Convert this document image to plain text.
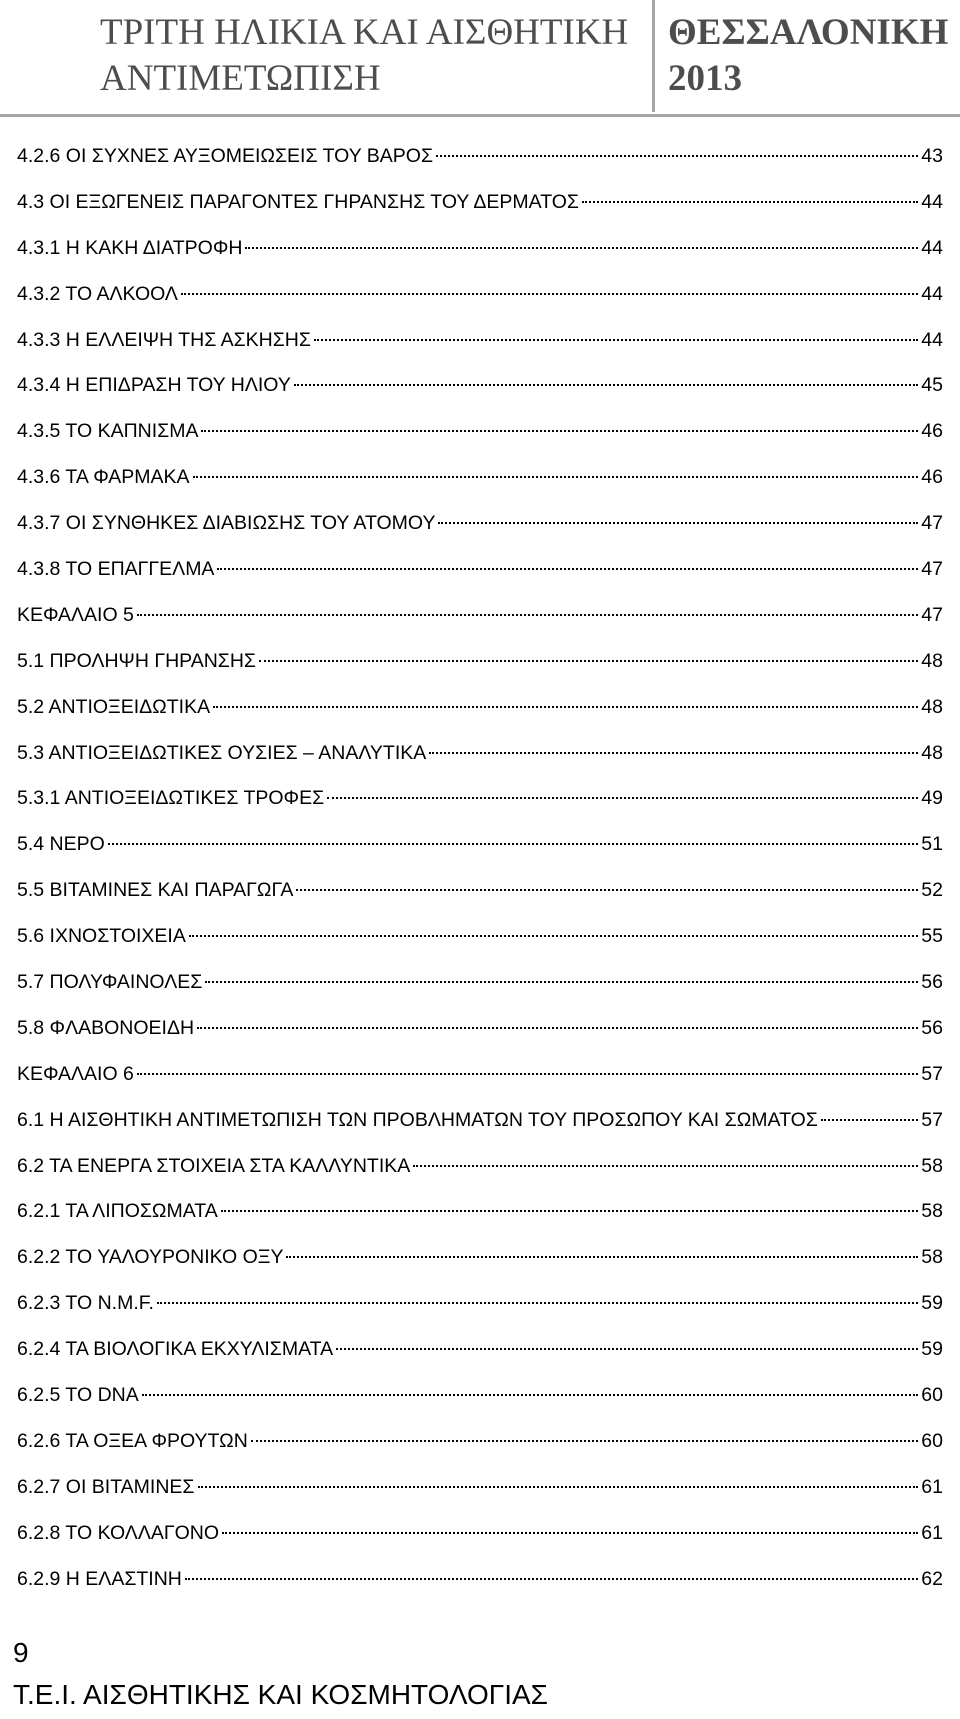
ΤΡΙΤΗ ΗΛΙΚΙΑ ΚΑΙ ΑΙΣΘΗΤΙΚΗ
ΑΝΤΙΜΕΤΩΠΙΣΗ
ΘΕΣΣΑΛΟΝΙΚΗ
2013
4.2.6 ΟΙ ΣΥΧΝΕΣ ΑΥΞΟΜΕΙΩΣΕΙΣ ΤΟΥ ΒΑΡΟΣ	43
4.3 ΟΙ ΕΞΩΓΕΝΕΙΣ ΠΑΡΑΓΟΝΤΕΣ ΓΗΡΑΝΣΗΣ ΤΟΥ ΔΕΡΜΑΤΟΣ	44
4.3.1 Η ΚΑΚΗ ΔΙΑΤΡΟΦΗ	44
4.3.2 ΤΟ ΑΛΚΟΟΛ	44
4.3.3 Η ΕΛΛΕΙΨΗ ΤΗΣ ΑΣΚΗΣΗΣ	44
4.3.4 Η ΕΠΙΔΡΑΣΗ ΤΟΥ ΗΛΙΟΥ	45
4.3.5 ΤΟ ΚΑΠΝΙΣΜΑ	46
4.3.6 ΤΑ ΦΑΡΜΑΚΑ	46
4.3.7 ΟΙ ΣΥΝΘΗΚΕΣ ΔΙΑΒΙΩΣΗΣ ΤΟΥ ΑΤΟΜΟΥ	47
4.3.8 ΤΟ ΕΠΑΓΓΕΛΜΑ	47
ΚΕΦΑΛΑΙΟ 5	47
5.1 ΠΡΟΛΗΨΗ ΓΗΡΑΝΣΗΣ	48
5.2 ΑΝΤΙΟΞΕΙΔΩΤΙΚΑ	48
5.3 ΑΝΤΙΟΞΕΙΔΩΤΙΚΕΣ ΟΥΣΙΕΣ – ΑΝΑΛΥΤΙΚΑ	48
5.3.1 ΑΝΤΙΟΞΕΙΔΩΤΙΚΕΣ ΤΡΟΦΕΣ	49
5.4 ΝΕΡΟ	51
5.5 ΒΙΤΑΜΙΝΕΣ ΚΑΙ ΠΑΡΑΓΩΓΑ	52
5.6 ΙΧΝΟΣΤΟΙΧΕΙΑ	55
5.7 ΠΟΛΥΦΑΙΝΟΛΕΣ	56
5.8 ΦΛΑΒΟΝΟΕΙΔΗ	56
ΚΕΦΑΛΑΙΟ 6	57
6.1 Η ΑΙΣΘΗΤΙΚΗ ΑΝΤΙΜΕΤΩΠΙΣΗ ΤΩΝ ΠΡΟΒΛΗΜΑΤΩΝ ΤΟΥ ΠΡΟΣΩΠΟΥ ΚΑΙ ΣΩΜΑΤΟΣ	57
6.2 ΤΑ ΕΝΕΡΓΑ ΣΤΟΙΧΕΙΑ ΣΤΑ ΚΑΛΛΥΝΤΙΚΑ	58
6.2.1 ΤΑ ΛΙΠΟΣΩΜΑΤΑ	58
6.2.2 ΤΟ ΥΑΛΟΥΡΟΝΙΚΟ ΟΞΥ	58
6.2.3 ΤΟ Ν.Μ.F.	59
6.2.4 ΤΑ ΒΙΟΛΟΓΙΚΑ ΕΚΧΥΛΙΣΜΑΤΑ	59
6.2.5 ΤΟ DNA	60
6.2.6 ΤΑ ΟΞΕΑ ΦΡΟΥΤΩΝ	60
6.2.7 ΟΙ ΒΙΤΑΜΙΝΕΣ	61
6.2.8 ΤΟ ΚΟΛΛΑΓΟΝΟ	61
6.2.9 Η ΕΛΑΣΤΙΝΗ	62
9
Τ.Ε.Ι. ΑΙΣΘΗΤΙΚΗΣ ΚΑΙ ΚΟΣΜΗΤΟΛΟΓΙΑΣ
